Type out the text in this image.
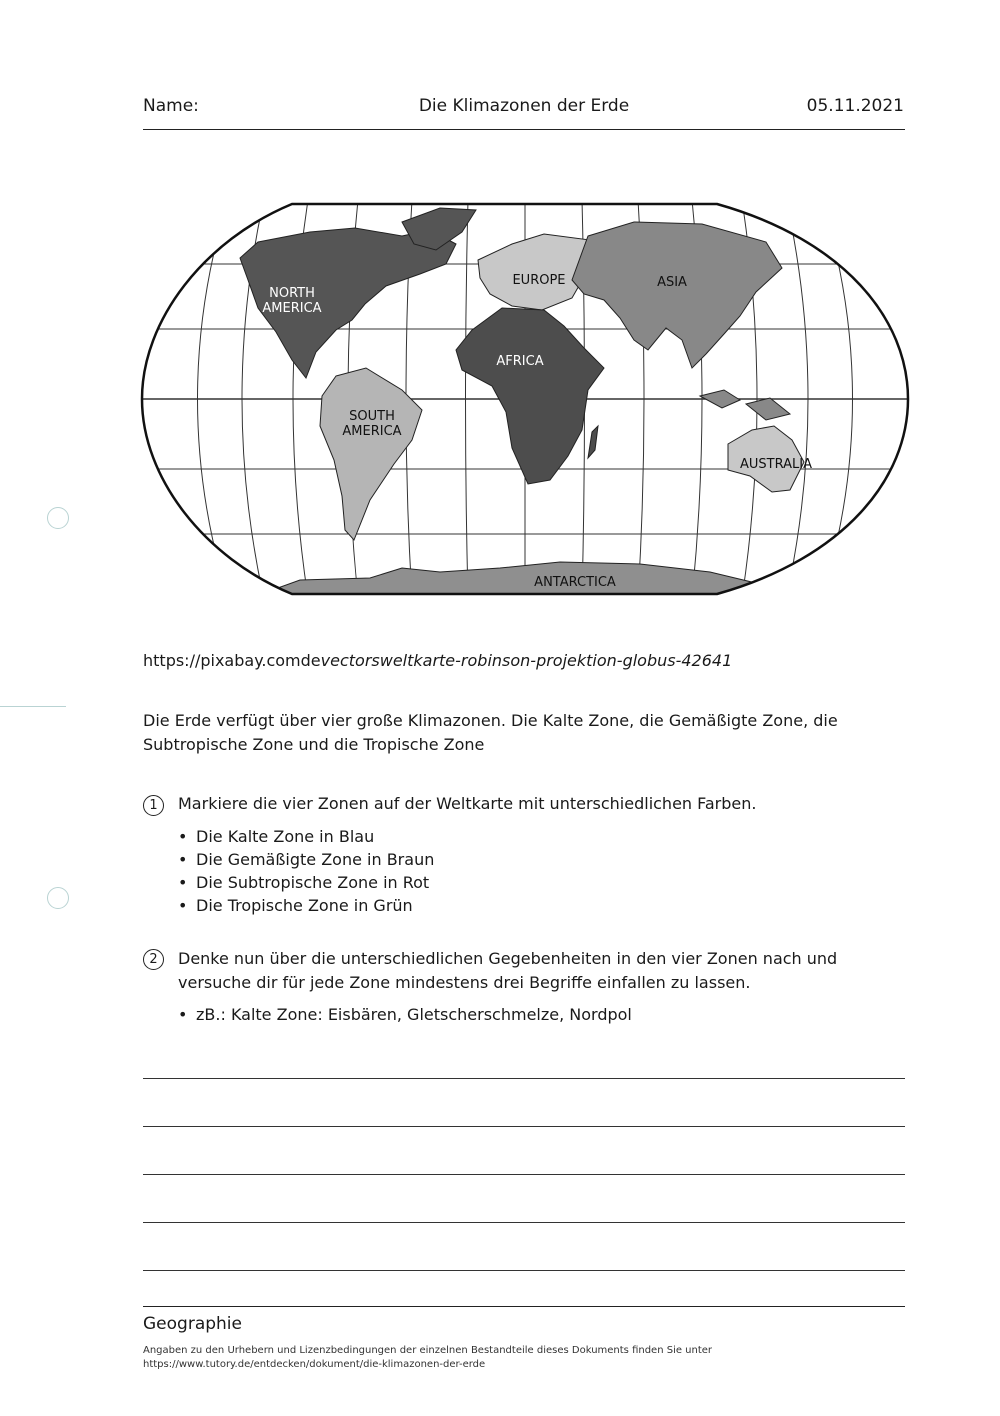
Name:	Die Klimazonen der Erde	05.11.2021
NORTH
AMERICA
SOUTH
AMERICA
EUROPE	ASIA
AFRICA
AUSTRALIA
ANTARCTICA
https://pixabay.comdevectorsweltkarte-robinson-projektion-globus-42641
Die Erde verfügt über vier große Klimazonen. Die Kalte Zone, die Gemäßigte Zone, die Subtropische Zone und die Tropische Zone
1	Markiere die vier Zonen auf der Weltkarte mit unterschiedlichen Farben.
• Die Kalte Zone in Blau
• Die Gemäßigte Zone in Braun
• Die Subtropische Zone in Rot
• Die Tropische Zone in Grün
2	Denke nun über die unterschiedlichen Gegebenheiten in den vier Zonen nach und versuche dir für jede Zone mindestens drei Begriffe einfallen zu lassen.
• zB.: Kalte Zone: Eisbären, Gletscherschmelze, Nordpol
Geographie
Angaben zu den Urhebern und Lizenzbedingungen der einzelnen Bestandteile dieses Dokuments finden Sie unter
https://www.tutory.de/entdecken/dokument/die-klimazonen-der-erde
